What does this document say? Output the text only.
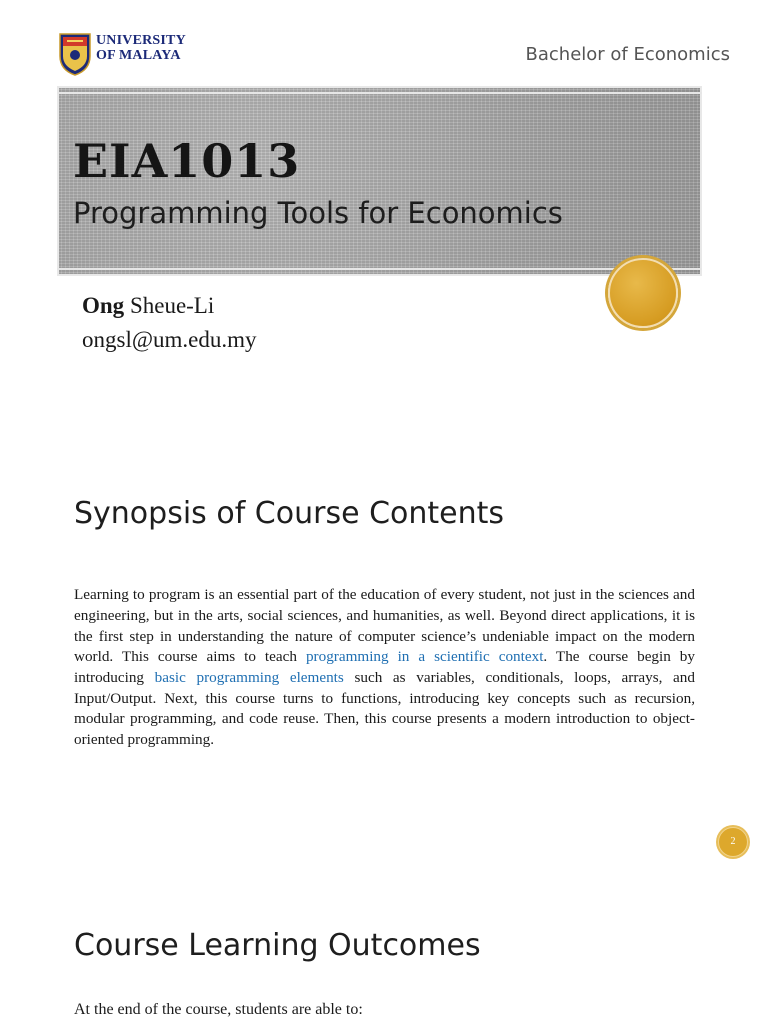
UNIVERSITY
OF MALAYA	Bachelor of Economics
EIA1013
Programming Tools for Economics
Ong Sheue-Li
ongsl@um.edu.my
Synopsis of Course Contents

Learning to program is an essential part of the education of every student, not just in the sciences and engineering, but in the arts, social sciences, and humanities, as well. Beyond direct applications, it is the first step in understanding the nature of computer science’s undeniable impact on the modern world. This course aims to teach programming in a scientific context. The course begin by introducing basic programming elements such as variables, conditionals, loops, arrays, and Input/Output. Next, this course turns to functions, introducing key concepts such as recursion, modular programming, and code reuse. Then, this course presents a modern introduction to object-oriented programming.

2
Course Learning Outcomes
At the end of the course, students are able to:
